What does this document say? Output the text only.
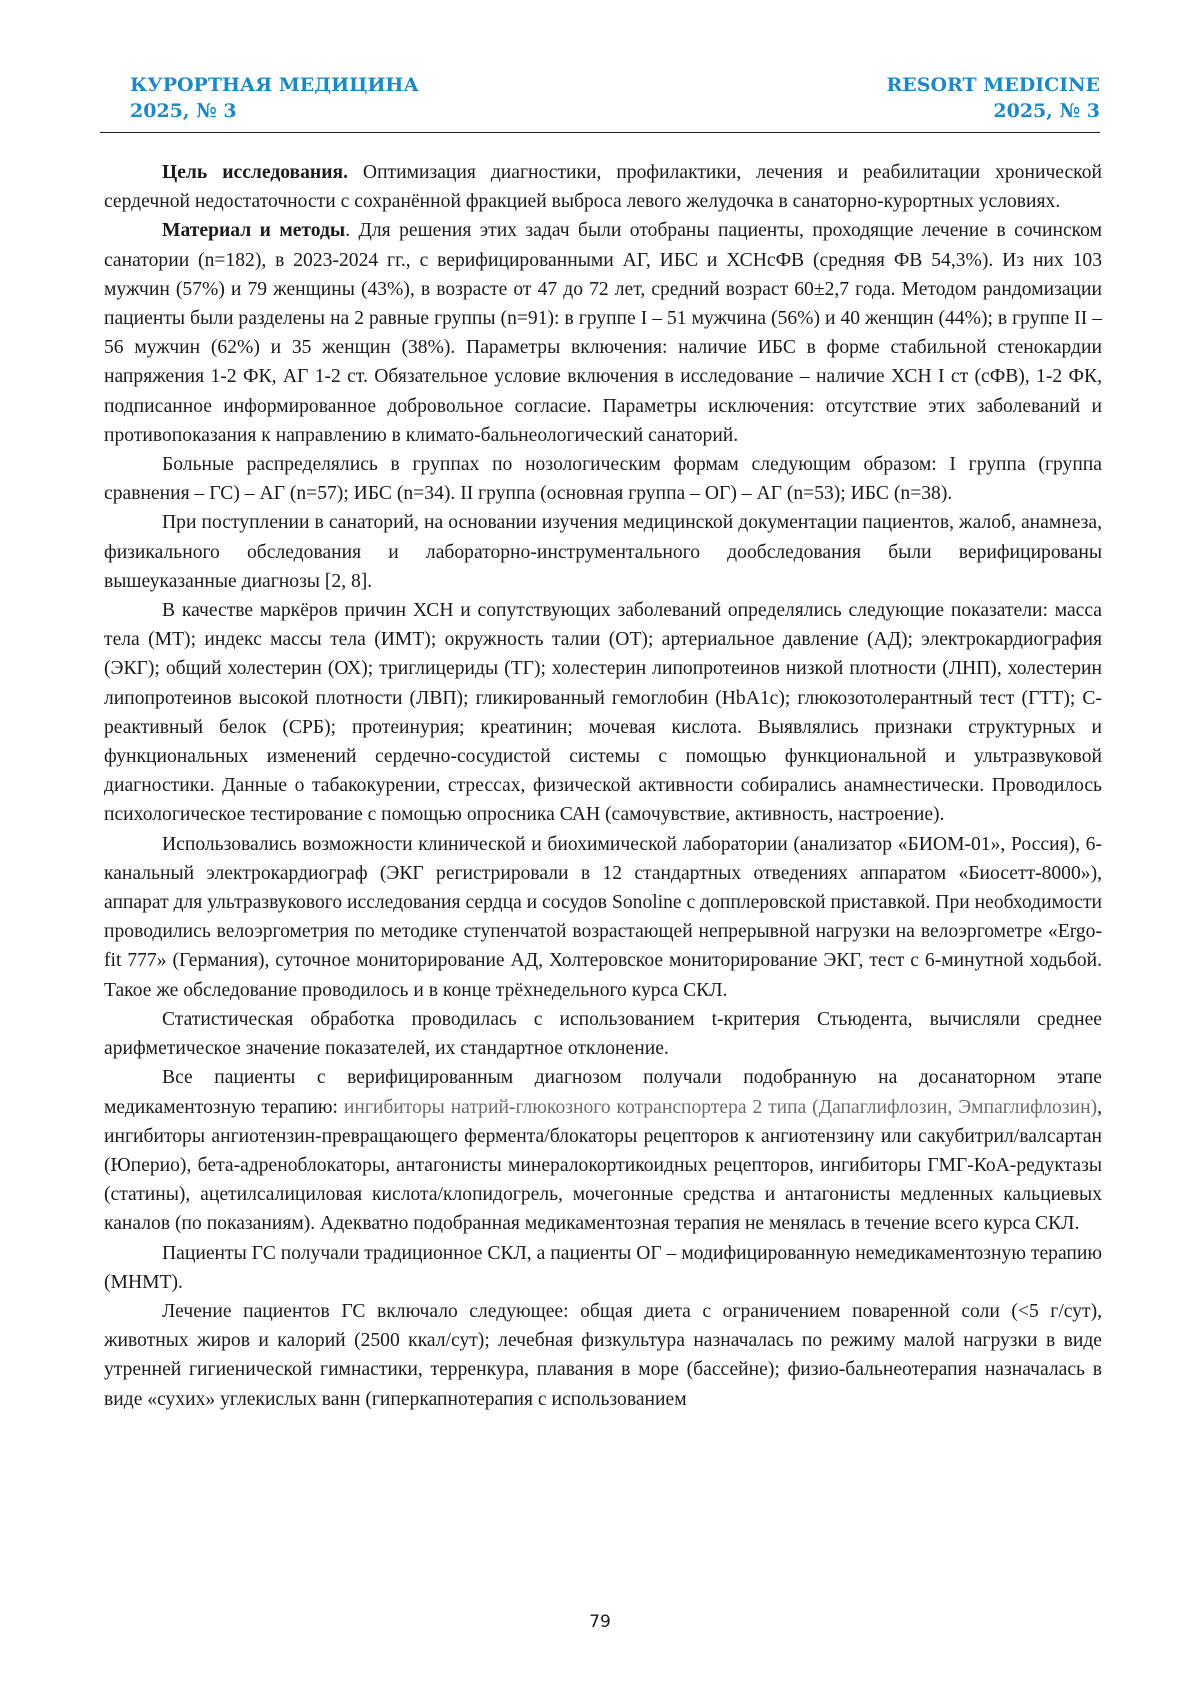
КУРОРТНАЯ МЕДИЦИНА
2025, № 3
RESORT MEDICINE
2025, № 3

Цель исследования. Оптимизация диагностики, профилактики, лечения и реабилитации хронической сердечной недостаточности с сохранённой фракцией выброса левого желудочка в санаторно-курортных условиях.

Материал и методы. Для решения этих задач были отобраны пациенты, проходящие лечение в сочинском санатории (n=182), в 2023-2024 гг., с верифицированными АГ, ИБС и ХСНсФВ (средняя ФВ 54,3%). Из них 103 мужчин (57%) и 79 женщины (43%), в возрасте от 47 до 72 лет, средний возраст 60±2,7 года. Методом рандомизации пациенты были разделены на 2 равные группы (n=91): в группе I – 51 мужчина (56%) и 40 женщин (44%); в группе II – 56 мужчин (62%) и 35 женщин (38%). Параметры включения: наличие ИБС в форме стабильной стенокардии напряжения 1-2 ФК, АГ 1-2 ст. Обязательное условие включения в исследование – наличие ХСН I ст (сФВ), 1-2 ФК, подписанное информированное добровольное согласие. Параметры исключения: отсутствие этих заболеваний и противопоказания к направлению в климато-бальнеологический санаторий.

Больные распределялись в группах по нозологическим формам следующим образом: I группа (группа сравнения – ГС) – АГ (n=57); ИБС (n=34). II группа (основная группа – ОГ) – АГ (n=53); ИБС (n=38).

При поступлении в санаторий, на основании изучения медицинской документации пациентов, жалоб, анамнеза, физикального обследования и лабораторно-инструментального дообследования были верифицированы вышеуказанные диагнозы [2, 8].

В качестве маркёров причин ХСН и сопутствующих заболеваний определялись следующие показатели: масса тела (МТ); индекс массы тела (ИМТ); окружность талии (ОТ); артериальное давление (АД); электрокардиография (ЭКГ); общий холестерин (ОХ); триглицериды (ТГ); холестерин липопротеинов низкой плотности (ЛНП), холестерин липопротеинов высокой плотности (ЛВП); гликированный гемоглобин (HbA1c); глюкозотолерантный тест (ГТТ); С-реактивный белок (СРБ); протеинурия; креатинин; мочевая кислота. Выявлялись признаки структурных и функциональных изменений сердечно-сосудистой системы с помощью функциональной и ультразвуковой диагностики. Данные о табакокурении, стрессах, физической активности собирались анамнестически. Проводилось психологическое тестирование с помощью опросника САН (самочувствие, активность, настроение).

Использовались возможности клинической и биохимической лаборатории (анализатор «БИОМ-01», Россия), 6-канальный электрокардиограф (ЭКГ регистрировали в 12 стандартных отведениях аппаратом «Биосетт-8000»), аппарат для ультразвукового исследования сердца и сосудов Sonoline с допплеровской приставкой. При необходимости проводились велоэргометрия по методике ступенчатой возрастающей непрерывной нагрузки на велоэргометре «Ergo-fit 777» (Германия), суточное мониторирование АД, Холтеровское мониторирование ЭКГ, тест с 6-минутной ходьбой. Такое же обследование проводилось и в конце трёхнедельного курса СКЛ.

Статистическая обработка проводилась с использованием t-критерия Стьюдента, вычисляли среднее арифметическое значение показателей, их стандартное отклонение.

Все пациенты с верифицированным диагнозом получали подобранную на досанаторном этапе медикаментозную терапию: ингибиторы натрий-глюкозного котранспортера 2 типа (Дапаглифлозин, Эмпаглифлозин), ингибиторы ангиотензин-превращающего фермента/блокаторы рецепторов к ангиотензину или сакубитрил/валсартан (Юперио), бета-адреноблокаторы, антагонисты минералокортикоидных рецепторов, ингибиторы ГМГ-КоА-редуктазы (статины), ацетилсалициловая кислота/клопидогрель, мочегонные средства и антагонисты медленных кальциевых каналов (по показаниям). Адекватно подобранная медикаментозная терапия не менялась в течение всего курса СКЛ.

Пациенты ГС получали традиционное СКЛ, а пациенты ОГ – модифицированную немедикаментозную терапию (МНМТ).

Лечение пациентов ГС включало следующее: общая диета с ограничением поваренной соли (<5 г/сут), животных жиров и калорий (2500 ккал/сут); лечебная физкультура назначалась по режиму малой нагрузки в виде утренней гигиенической гимнастики, терренкура, плавания в море (бассейне); физио-бальнеотерапия назначалась в виде «сухих» углекислых ванн (гиперкапнотерапия с использованием

79
